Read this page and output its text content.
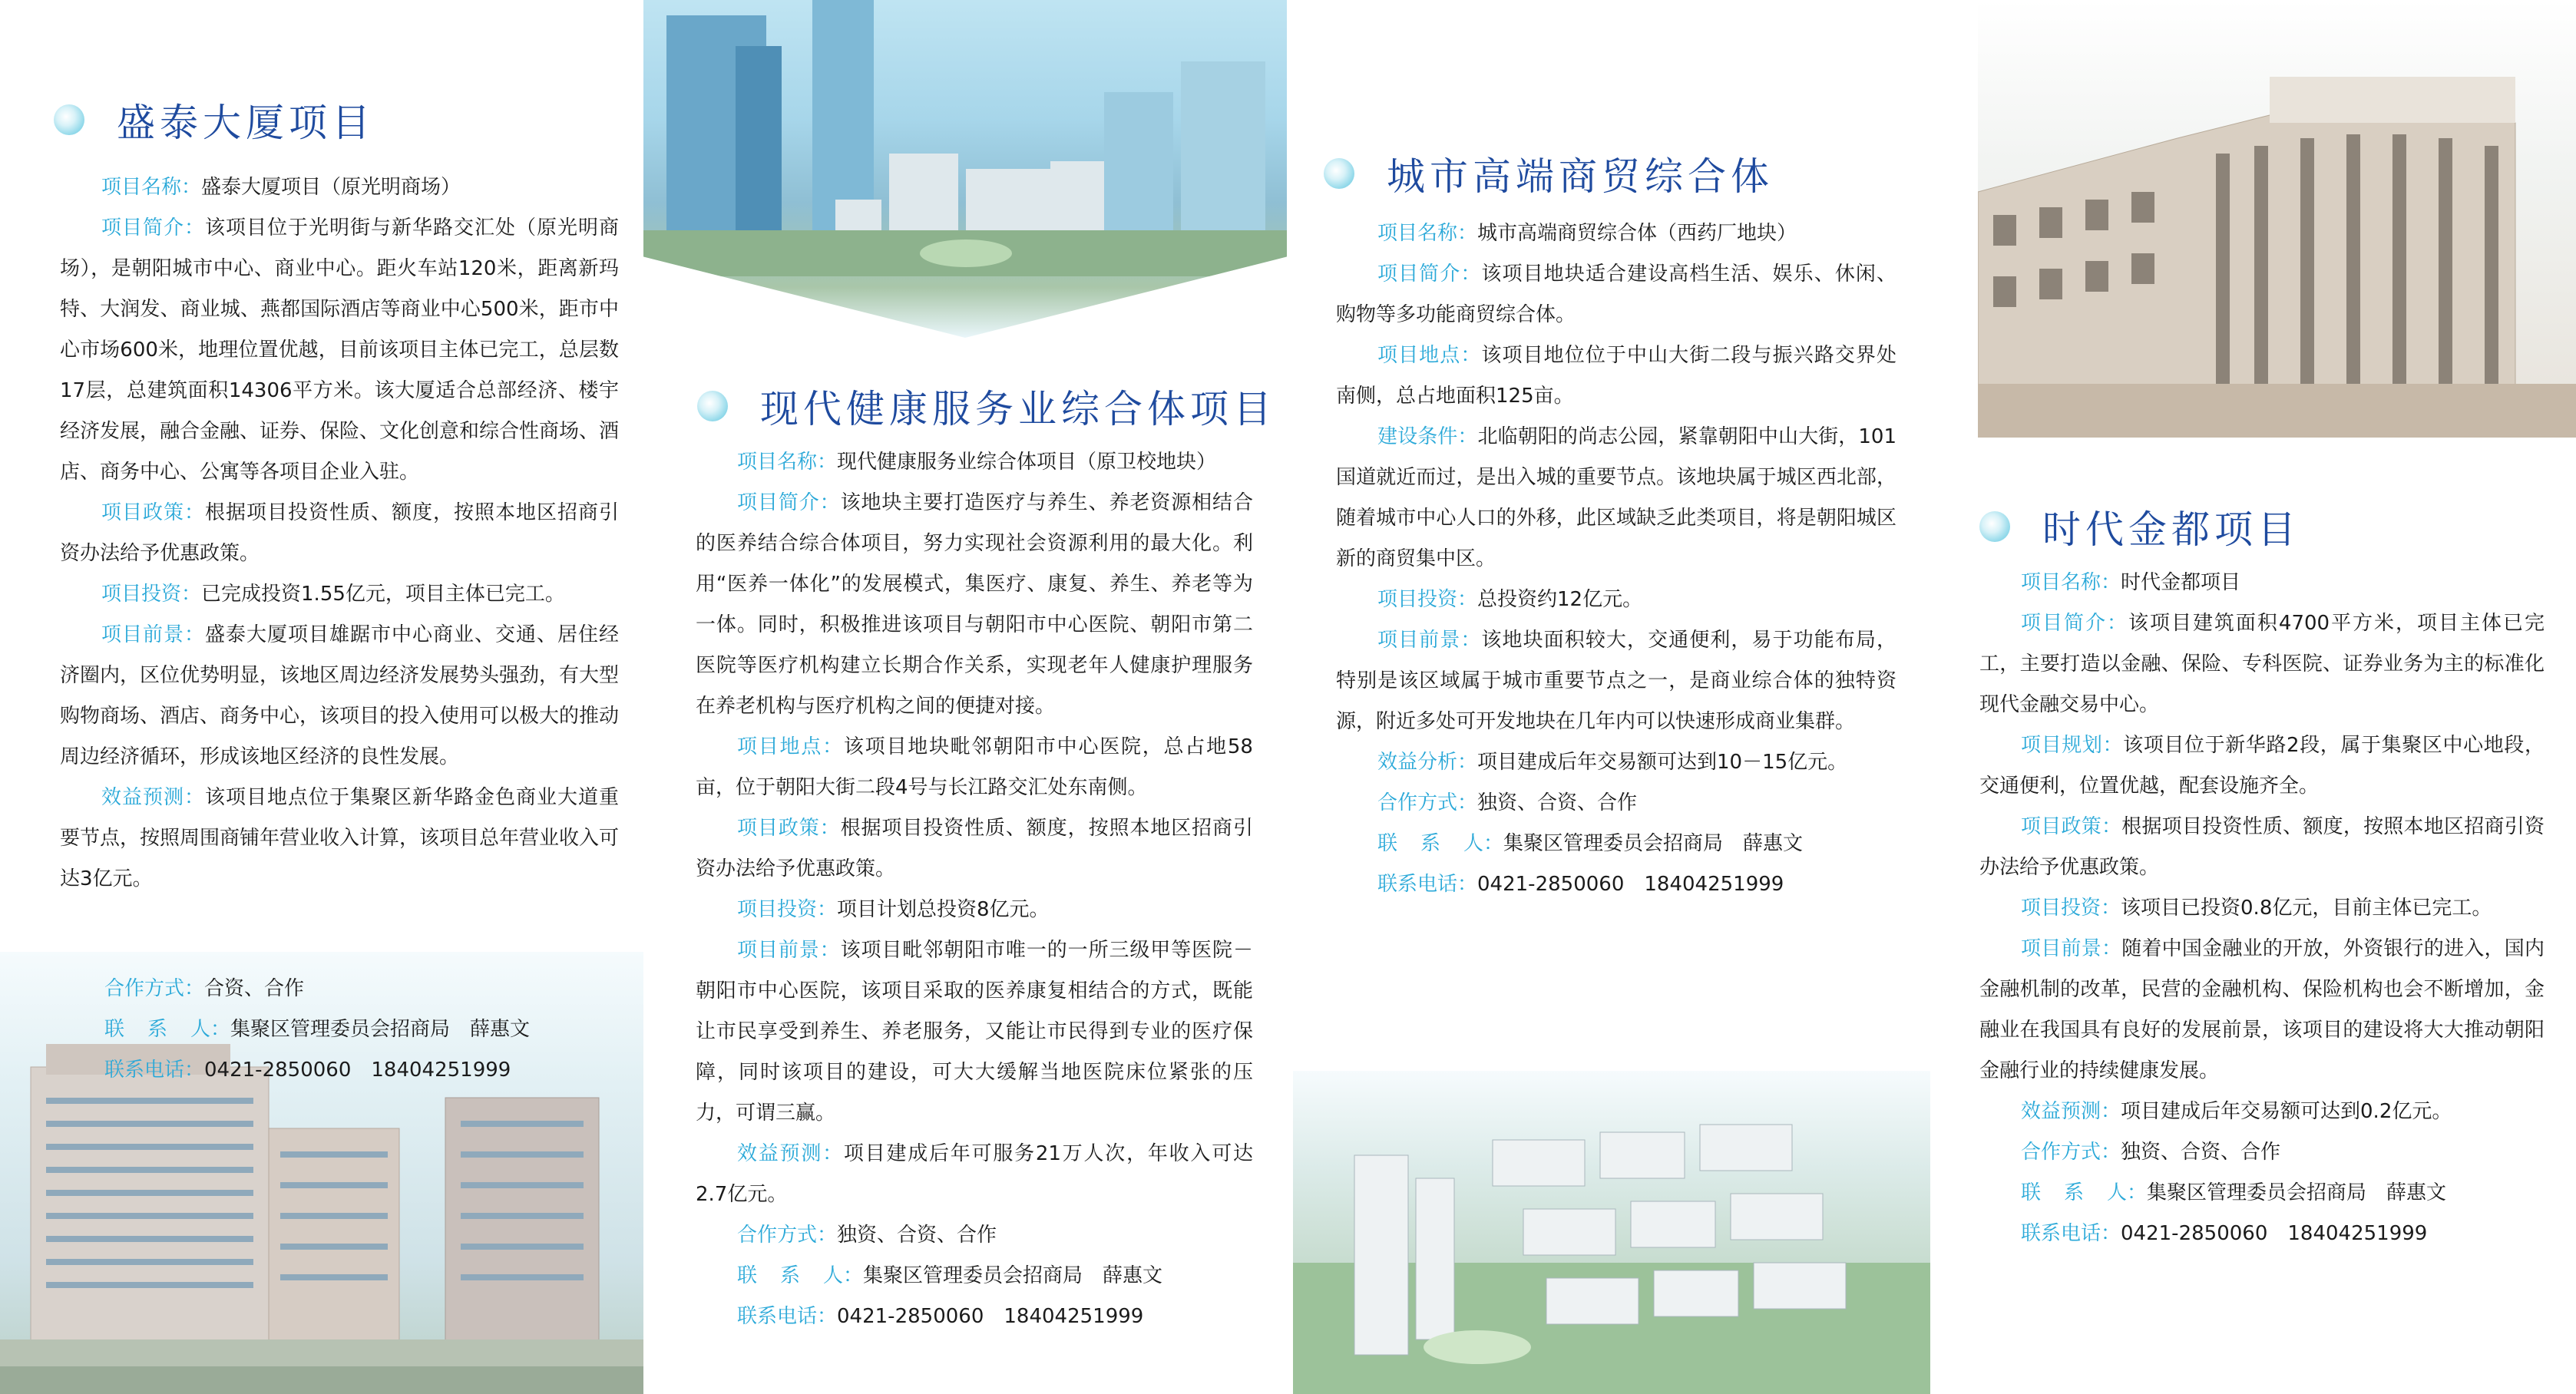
盛泰大厦项目

项目名称：盛泰大厦项目（原光明商场）

项目简介：该项目位于光明街与新华路交汇处（原光明商场），是朝阳城市中心、商业中心。距火车站120米，距离新玛特、大润发、商业城、燕都国际酒店等商业中心500米，距市中心市场600米，地理位置优越，目前该项目主体已完工，总层数17层，总建筑面积14306平方米。该大厦适合总部经济、楼宇经济发展，融合金融、证券、保险、文化创意和综合性商场、酒店、商务中心、公寓等各项目企业入驻。

项目政策：根据项目投资性质、额度，按照本地区招商引资办法给予优惠政策。

项目投资：已完成投资1.55亿元，项目主体已完工。

项目前景：盛泰大厦项目雄踞市中心商业、交通、居住经济圈内，区位优势明显，该地区周边经济发展势头强劲，有大型购物商场、酒店、商务中心，该项目的投入使用可以极大的推动周边经济循环，形成该地区经济的良性发展。

效益预测：该项目地点位于集聚区新华路金色商业大道重要节点，按照周围商铺年营业收入计算，该项目总年营业收入可达3亿元。

合作方式：合资、合作

联 系 人：集聚区管理委员会招商局　薛惠文

联系电话：0421-2850060　18404251999

现代健康服务业综合体项目

项目名称：现代健康服务业综合体项目（原卫校地块）

项目简介：该地块主要打造医疗与养生、养老资源相结合的医养结合综合体项目，努力实现社会资源利用的最大化。利用“医养一体化”的发展模式，集医疗、康复、养生、养老等为一体。同时，积极推进该项目与朝阳市中心医院、朝阳市第二医院等医疗机构建立长期合作关系，实现老年人健康护理服务在养老机构与医疗机构之间的便捷对接。

项目地点：该项目地块毗邻朝阳市中心医院，总占地58亩，位于朝阳大街二段4号与长江路交汇处东南侧。

项目政策：根据项目投资性质、额度，按照本地区招商引资办法给予优惠政策。

项目投资：项目计划总投资8亿元。

项目前景：该项目毗邻朝阳市唯一的一所三级甲等医院－朝阳市中心医院，该项目采取的医养康复相结合的方式，既能让市民享受到养生、养老服务，又能让市民得到专业的医疗保障，同时该项目的建设，可大大缓解当地医院床位紧张的压力，可谓三赢。

效益预测：项目建成后年可服务21万人次，年收入可达2.7亿元。

合作方式：独资、合资、合作

联 系 人：集聚区管理委员会招商局　薛惠文

联系电话：0421-2850060　18404251999

城市高端商贸综合体

项目名称：城市高端商贸综合体（西药厂地块）

项目简介：该项目地块适合建设高档生活、娱乐、休闲、购物等多功能商贸综合体。

项目地点：该项目地位位于中山大街二段与振兴路交界处南侧，总占地面积125亩。

建设条件：北临朝阳的尚志公园，紧靠朝阳中山大街，101国道就近而过，是出入城的重要节点。该地块属于城区西北部，随着城市中心人口的外移，此区域缺乏此类项目，将是朝阳城区新的商贸集中区。

项目投资：总投资约12亿元。

项目前景：该地块面积较大，交通便利，易于功能布局，特别是该区域属于城市重要节点之一，是商业综合体的独特资源，附近多处可开发地块在几年内可以快速形成商业集群。

效益分析：项目建成后年交易额可达到10－15亿元。

合作方式：独资、合资、合作

联 系 人：集聚区管理委员会招商局　薛惠文

联系电话：0421-2850060　18404251999

时代金都项目

项目名称：时代金都项目

项目简介：该项目建筑面积4700平方米，项目主体已完工，主要打造以金融、保险、专科医院、证券业务为主的标准化现代金融交易中心。

项目规划：该项目位于新华路2段，属于集聚区中心地段，交通便利，位置优越，配套设施齐全。

项目政策：根据项目投资性质、额度，按照本地区招商引资办法给予优惠政策。

项目投资：该项目已投资0.8亿元，目前主体已完工。

项目前景：随着中国金融业的开放，外资银行的进入，国内金融机制的改革，民营的金融机构、保险机构也会不断增加，金融业在我国具有良好的发展前景，该项目的建设将大大推动朝阳金融行业的持续健康发展。

效益预测：项目建成后年交易额可达到0.2亿元。

合作方式：独资、合资、合作

联 系 人：集聚区管理委员会招商局　薛惠文

联系电话：0421-2850060　18404251999
